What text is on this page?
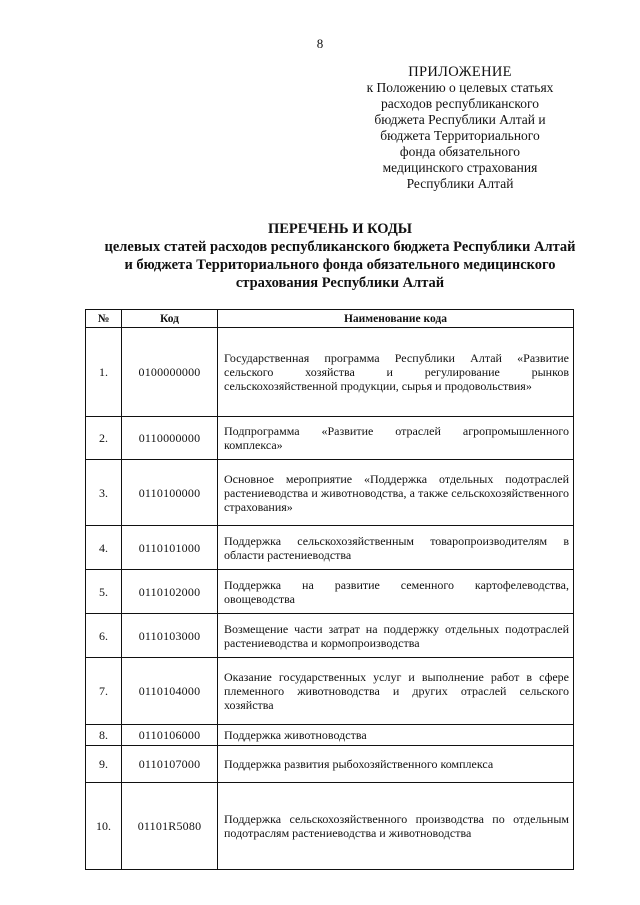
8
ПРИЛОЖЕНИЕ
к Положению о целевых статьях
расходов республиканского
бюджета Республики Алтай и
бюджета Территориального
фонда обязательного
медицинского страхования
Республики Алтай
ПЕРЕЧЕНЬ И КОДЫ
целевых статей расходов республиканского бюджета Республики Алтай
и бюджета Территориального фонда обязательного медицинского
страхования Республики Алтай
№	Код	Наименование кода
1.	0100000000	Государственная программа Республики Алтай «Развитие сельского хозяйства и регулирование рынков сельскохозяйственной продукции, сырья и продовольствия»
2.	0110000000	Подпрограмма «Развитие отраслей агропромышленного комплекса»
3.	0110100000	Основное мероприятие «Поддержка отдельных подотраслей растениеводства и животноводства, а также сельскохозяйственного страхования»
4.	0110101000	Поддержка сельскохозяйственным товаропроизводителям в области растениеводства
5.	0110102000	Поддержка на развитие семенного картофелеводства, овощеводства
6.	0110103000	Возмещение части затрат на поддержку отдельных подотраслей растениеводства и кормопроизводства
7.	0110104000	Оказание государственных услуг и выполнение работ в сфере племенного животноводства и других отраслей сельского хозяйства
8.	0110106000	Поддержка животноводства
9.	0110107000	Поддержка развития рыбохозяйственного комплекса
10.	01101R5080	Поддержка сельскохозяйственного производства по отдельным подотраслям растениеводства и животноводства
